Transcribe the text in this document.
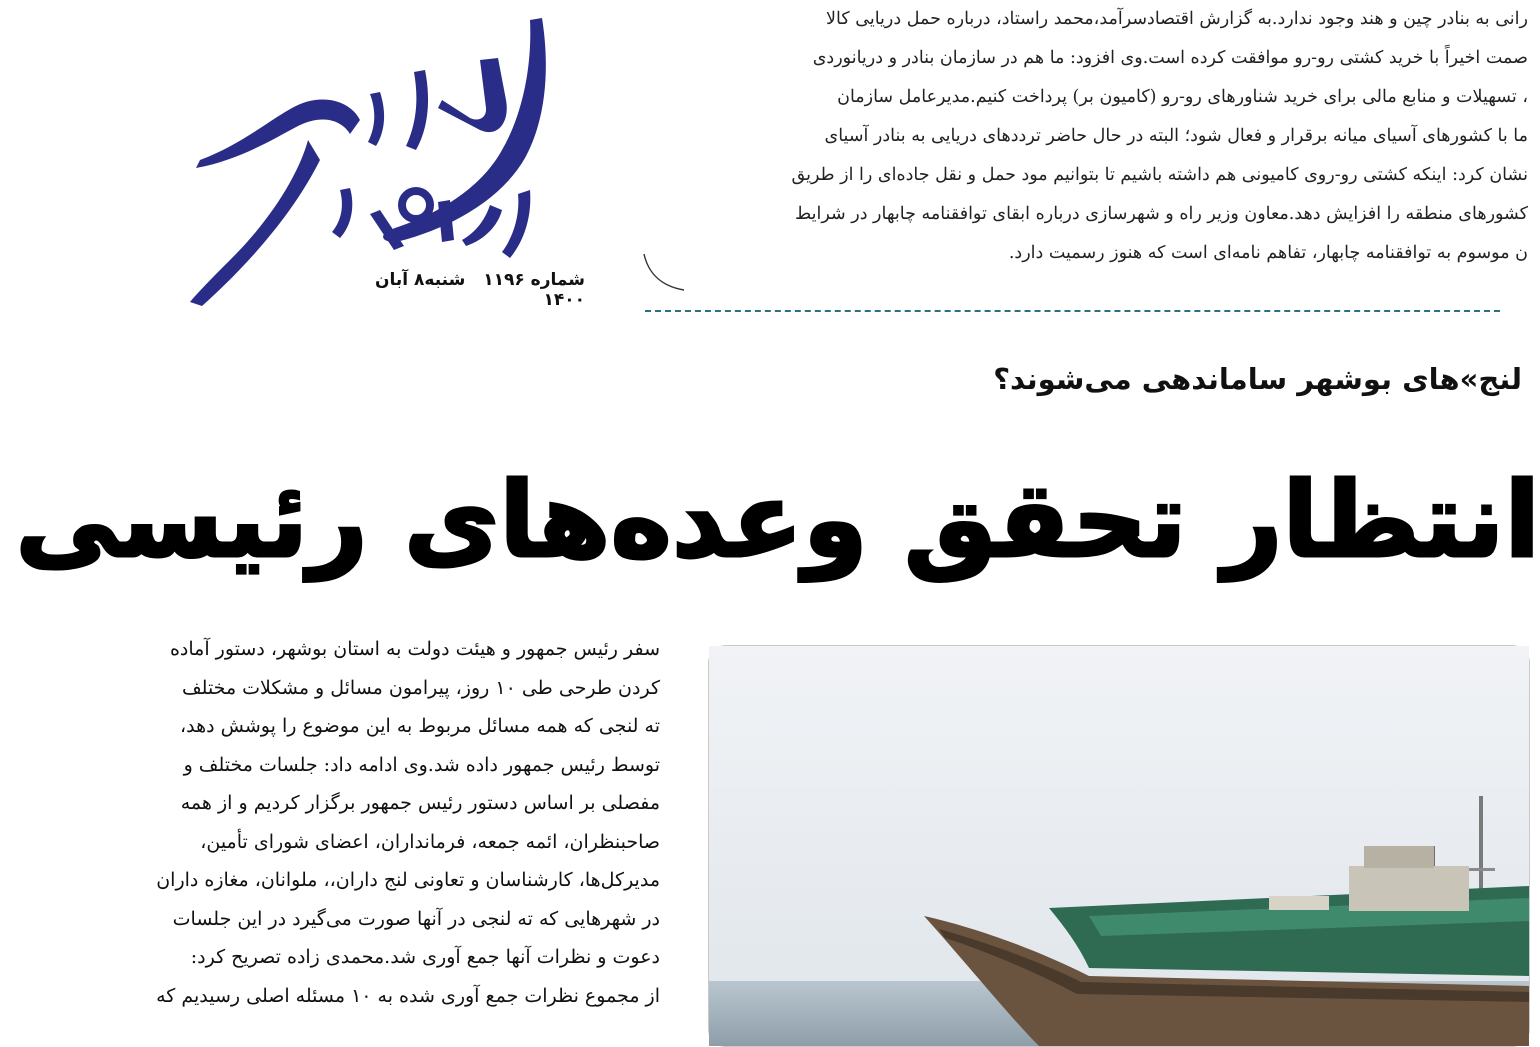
شماره ۱۱۹۶ شنبه۸ آبان ۱۴۰۰

رانی به بنادر چین و هند وجود ندارد.به گزارش اقتصادسرآمد،محمد راستاد، درباره حمل دریایی کالا

صمت اخیراً با خرید کشتی رو-رو موافقت کرده است.وی افزود: ما هم در سازمان بنادر و دریانوردی

، تسهیلات و منابع مالی برای خرید شناورهای رو-رو (کامیون بر) پرداخت کنیم.مدیرعامل سازمان

ما با کشورهای آسیای میانه برقرار و فعال شود؛ البته در حال حاضر ترددهای دریایی به بنادر آسیای

نشان کرد: اینکه کشتی رو-روی کامیونی هم داشته باشیم تا بتوانیم مود حمل و نقل جاده‌ای را از طریق

کشورهای منطقه را افزایش دهد.معاون وزیر راه و شهرسازی درباره ابقای توافقنامه چابهار در شرایط

ن موسوم به توافقنامه چابهار، تفاهم نامه‌ای است که هنوز رسمیت دارد.

لنج»های بوشهر ساماندهی می‌شوند؟
انتظار تحقق وعده‌های رئیسی

سفر رئیس جمهور و هیئت دولت به استان بوشهر، دستور آماده

کردن طرحی طی ۱۰ روز، پیرامون مسائل و مشکلات مختلف

ته لنجی که همه مسائل مربوط به این موضوع را پوشش دهد،

توسط رئیس جمهور داده شد.وی ادامه داد: جلسات مختلف و

مفصلی بر اساس دستور رئیس جمهور برگزار کردیم و از همه

صاحبنظران، ائمه جمعه، فرمانداران، اعضای شورای تأمین،

مدیرکل‌ها، کارشناسان و تعاونی لنج داران،، ملوانان، مغازه داران

در شهرهایی که ته لنجی در آنها صورت می‌گیرد در این جلسات

دعوت و نظرات آنها جمع آوری شد.محمدی زاده تصریح کرد:

از مجموع نظرات جمع آوری شده به ۱۰ مسئله اصلی رسیدیم که
